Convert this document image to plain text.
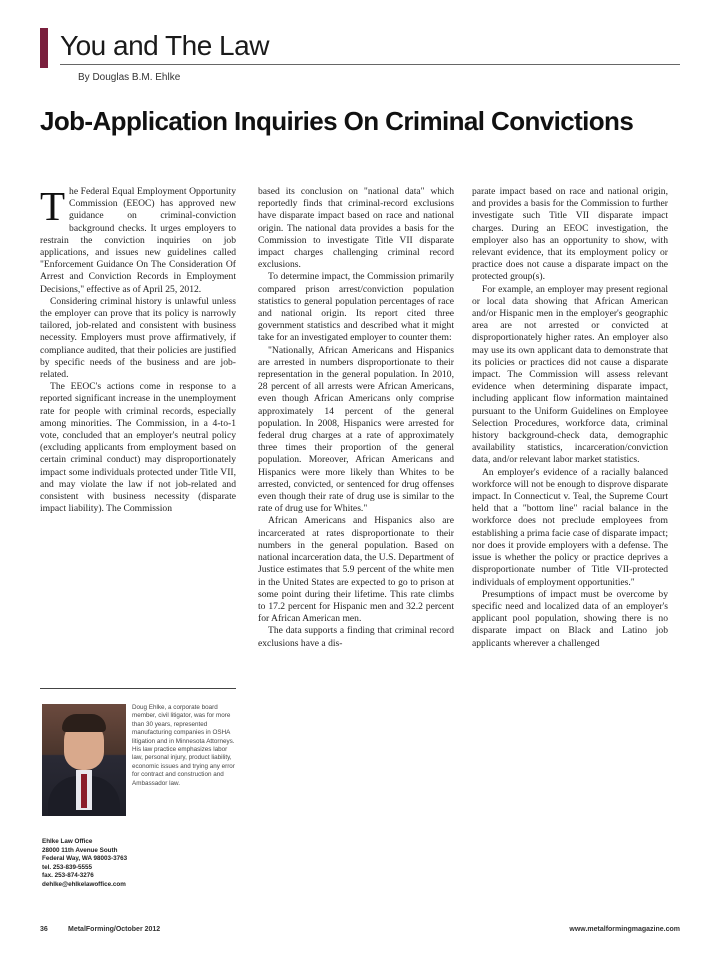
You and The Law
By Douglas B.M. Ehlke
Job-Application Inquiries On Criminal Convictions

The Federal Equal Employment Opportunity Commission (EEOC) has approved new guidance on criminal-conviction background checks. It urges employers to restrain the conviction inquiries on job applications, and issues new guidelines called "Enforcement Guidance On The Consideration Of Arrest and Conviction Records in Employment Decisions," effective as of April 25, 2012.

Considering criminal history is unlawful unless the employer can prove that its policy is narrowly tailored, job-related and consistent with business necessity. Employers must prove affirmatively, if compliance audited, that their policies are justified by specific needs of the business and are job-related.

The EEOC's actions come in response to a reported significant increase in the unemployment rate for people with criminal records, especially among minorities. The Commission, in a 4-to-1 vote, concluded that an employer's neutral policy (excluding applicants from employment based on certain criminal conduct) may disproportionately impact some individuals protected under Title VII, and may violate the law if not job-related and consistent with business necessity (disparate impact liability). The Commission

based its conclusion on "national data" which reportedly finds that criminal-record exclusions have disparate impact based on race and national origin. The national data provides a basis for the Commission to investigate Title VII disparate impact charges challenging criminal record exclusions.

To determine impact, the Commission primarily compared prison arrest/conviction population statistics to general population percentages of race and national origin. Its report cited three government statistics and described what it might take for an investigated employer to counter them:

"Nationally, African Americans and Hispanics are arrested in numbers disproportionate to their representation in the general population. In 2010, 28 percent of all arrests were African Americans, even though African Americans only comprise approximately 14 percent of the general population. In 2008, Hispanics were arrested for federal drug charges at a rate of approximately three times their proportion of the general population. Moreover, African Americans and Hispanics were more likely than Whites to be arrested, convicted, or sentenced for drug offenses even though their rate of drug use is similar to the rate of drug use for Whites."

African Americans and Hispanics also are incarcerated at rates disproportionate to their numbers in the general population. Based on national incarceration data, the U.S. Department of Justice estimates that 5.9 percent of the white men in the United States are expected to go to prison at some point during their lifetime. This rate climbs to 17.2 percent for Hispanic men and 32.2 percent for African American men.

The data supports a finding that criminal record exclusions have a dis-

parate impact based on race and national origin, and provides a basis for the Commission to further investigate such Title VII disparate impact charges. During an EEOC investigation, the employer also has an opportunity to show, with relevant evidence, that its employment policy or practice does not cause a disparate impact on the protected group(s).

For example, an employer may present regional or local data showing that African American and/or Hispanic men in the employer's geographic area are not arrested or convicted at disproportionately higher rates. An employer also may use its own applicant data to demonstrate that its policies or practices did not cause a disparate impact. The Commission will assess relevant evidence when determining disparate impact, including applicant flow information maintained pursuant to the Uniform Guidelines on Employee Selection Procedures, workforce data, criminal history background-check data, demographic availability statistics, incarceration/conviction data, and/or relevant labor market statistics.

An employer's evidence of a racially balanced workforce will not be enough to disprove disparate impact. In Connecticut v. Teal, the Supreme Court held that a "bottom line" racial balance in the workforce does not preclude employees from establishing a prima facie case of disparate impact; nor does it provide employers with a defense. The issue is whether the policy or practice deprives a disproportionate number of Title VII-protected individuals of employment opportunities."

Presumptions of impact must be overcome by specific need and localized data of an employer's applicant pool population, showing there is no disparate impact on Black and Latino job applicants wherever a challenged

Doug Ehlke, a corporate board member, civil litigator, was for more than 30 years, represented manufacturing companies in OSHA litigation and in Minnesota Attorneys. His law practice emphasizes labor law, personal injury, product liability, economic issues and trying any error for contract and construction and Ambassador law.
Ehlke Law Office
28000 11th Avenue South
Federal Way, WA 98003-3763
tel. 253-839-5555
fax. 253-874-3276
dehlke@ehlkelawoffice.com
36	MetalForming/October 2012	www.metalformingmagazine.com
